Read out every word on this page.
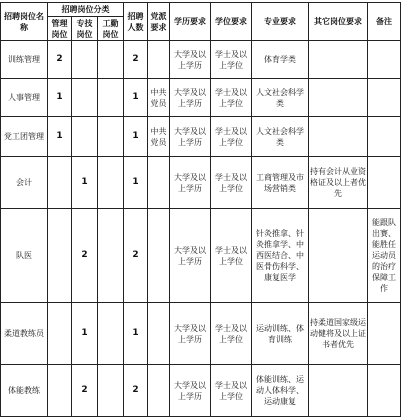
招聘岗位名称	招聘岗位分类			招聘人数	党派要求	学历要求	学位要求	专业要求	其它岗位要求	备注
	管理岗位	专技岗位	工勤岗位							
训练管理	2			2		大学及以上学历	学士及以上学位	体育学类		
人事管理	1			1	中共党员	大学及以上学历	学士及以上学位	人文社会科学类		
党工团管理	1			1	中共党员	大学及以上学历	学士及以上学位	人文社会科学类		
会计		1		1		大学及以上学历	学士及以上学位	工商管理及市场营销类	持有会计从业资格证及以上者优先	
队医		2		2		大学及以上学历	学士及以上学位	针灸推拿、针灸推拿学、中西医结合、中医骨伤科学、康复医学		能跟队出赛、能胜任运动员的治疗保障工作
柔道教练员		1		1		大学及以上学历	学士及以上学位	运动训练、体育训练	持柔道国家级运动健将及以上证书者优先	
体能教练		2		2		大学及以上学历	学士及以上学位	体能训练、运动人体科学、运动康复		
